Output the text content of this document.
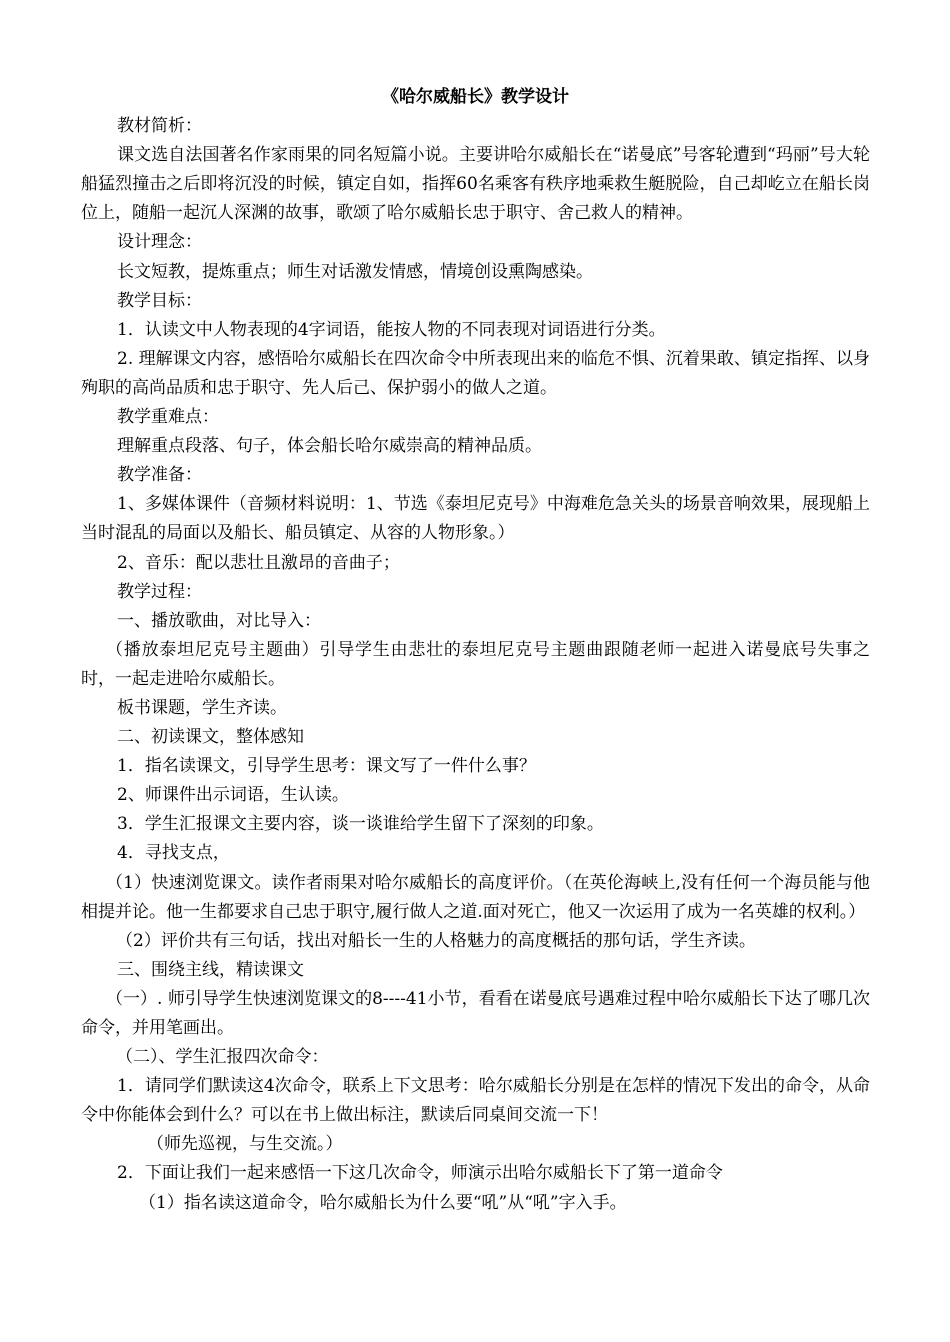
《哈尔威船长》教学设计

教材简析：

课文选自法国著名作家雨果的同名短篇小说。主要讲哈尔威船长在“诺曼底”号客轮遭到“玛丽”号大轮船猛烈撞击之后即将沉没的时候，镇定自如，指挥60名乘客有秩序地乘救生艇脱险，自己却屹立在船长岗位上，随船一起沉人深渊的故事，歌颂了哈尔威船长忠于职守、舍己救人的精神。

设计理念：

长文短教，提炼重点；师生对话激发情感，情境创设熏陶感染。

教学目标：

1．认读文中人物表现的4字词语，能按人物的不同表现对词语进行分类。

2. 理解课文内容，感悟哈尔威船长在四次命令中所表现出来的临危不惧、沉着果敢、镇定指挥、以身殉职的高尚品质和忠于职守、先人后己、保护弱小的做人之道。

教学重难点：

理解重点段落、句子，体会船长哈尔威崇高的精神品质。

教学准备：

1、多媒体课件（音频材料说明：1、节选《泰坦尼克号》中海难危急关头的场景音响效果，展现船上当时混乱的局面以及船长、船员镇定、从容的人物形象。）

2、音乐：配以悲壮且激昂的音曲子；

教学过程：

一、播放歌曲，对比导入：

（播放泰坦尼克号主题曲）引导学生由悲壮的泰坦尼克号主题曲跟随老师一起进入诺曼底号失事之时，一起走进哈尔威船长。

板书课题，学生齐读。

二、初读课文，整体感知

1．指名读课文，引导学生思考：课文写了一件什么事？

2、师课件出示词语，生认读。

3．学生汇报课文主要内容，谈一谈谁给学生留下了深刻的印象。

4．寻找支点，

（1）快速浏览课文。读作者雨果对哈尔威船长的高度评价。（在英伦海峡上,没有任何一个海员能与他相提并论。他一生都要求自己忠于职守,履行做人之道.面对死亡，他又一次运用了成为一名英雄的权利。）

（2）评价共有三句话，找出对船长一生的人格魅力的高度概括的那句话，学生齐读。

三、围绕主线，精读课文

（一）. 师引导学生快速浏览课文的8----41小节，看看在诺曼底号遇难过程中哈尔威船长下达了哪几次命令，并用笔画出。

（二）、学生汇报四次命令：

1．请同学们默读这4次命令，联系上下文思考：哈尔威船长分别是在怎样的情况下发出的命令，从命令中你能体会到什么？可以在书上做出标注，默读后同桌间交流一下！

（师先巡视，与生交流。）

2．下面让我们一起来感悟一下这几次命令，师演示出哈尔威船长下了第一道命令

（1）指名读这道命令，哈尔威船长为什么要“吼”从“吼”字入手。
